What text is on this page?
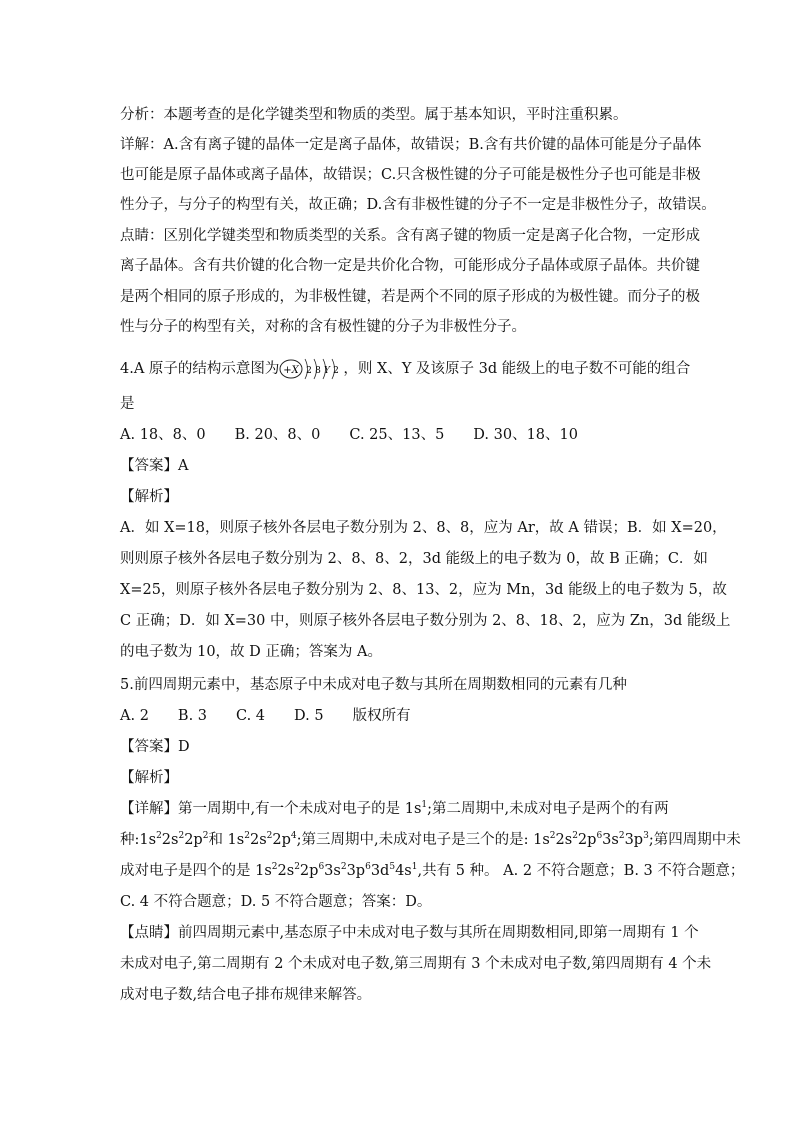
分析：本题考查的是化学键类型和物质的类型。属于基本知识，平时注重积累。
详解：A.含有离子键的晶体一定是离子晶体，故错误；B.含有共价键的晶体可能是分子晶体
也可能是原子晶体或离子晶体，故错误；C.只含极性键的分子可能是极性分子也可能是非极
性分子，与分子的构型有关，故正确；D.含有非极性键的分子不一定是非极性分子，故错误。
点睛：区别化学键类型和物质类型的关系。含有离子键的物质一定是离子化合物，一定形成
离子晶体。含有共价键的化合物一定是共价化合物，可能形成分子晶体或原子晶体。共价键
是两个相同的原子形成的，为非极性键，若是两个不同的原子形成的为极性键。而分子的极
性与分子的构型有关，对称的含有极性键的分子为非极性分子。
4.A 原子的结构示意图为 +X 2 8 Y 2 ，则 X、Y 及该原子 3d 能级上的电子数不可能的组合
是
A. 18、8、0　　B. 20、8、0　　C. 25、13、5　　D. 30、18、10
【答案】A
【解析】
A．如 X=18，则原子核外各层电子数分别为 2、8、8，应为 Ar，故 A 错误；B．如 X=20，
则则原子核外各层电子数分别为 2、8、8、2，3d 能级上的电子数为 0，故 B 正确；C．如
X=25，则原子核外各层电子数分别为 2、8、13、2，应为 Mn，3d 能级上的电子数为 5，故
C 正确；D．如 X=30 中，则原子核外各层电子数分别为 2、8、18、2，应为 Zn，3d 能级上
的电子数为 10，故 D 正确；答案为 A。
5.前四周期元素中，基态原子中未成对电子数与其所在周期数相同的元素有几种
A. 2　　B. 3　　C. 4　　D. 5　　版权所有
【答案】D
【解析】
【详解】第一周期中,有一个未成对电子的是 $1s^1$;第二周期中,未成对电子是两个的有两
种$:1s^22s^22p^2$和 $1s^22s^22p^4$;第三周期中,未成对电子是三个的是: $1s^22s^22p^63s^23p^3$;第四周期中未
成对电子是四个的是 $1s^22s^22p^63s^23p^63d^54s^1$,共有 5 种。 A. 2 不符合题意；B. 3 不符合题意；
C. 4 不符合题意；D. 5 不符合题意；答案：D。
【点睛】前四周期元素中,基态原子中未成对电子数与其所在周期数相同,即第一周期有 1 个
未成对电子,第二周期有 2 个未成对电子数,第三周期有 3 个未成对电子数,第四周期有 4 个未
成对电子数,结合电子排布规律来解答。
